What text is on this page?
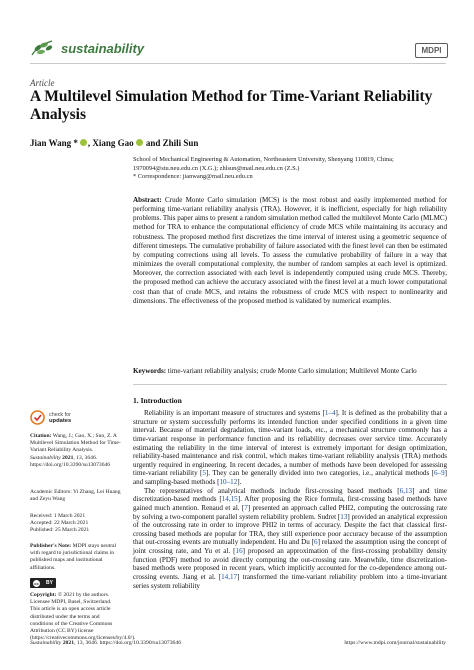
sustainability	MDPI
Article
A Multilevel Simulation Method for Time-Variant Reliability Analysis
Jian Wang * , Xiang Gao and Zhili Sun
School of Mechanical Engineering & Automation, Northeastern University, Shenyang 110819, China;
1970094@stu.neu.edu.cn (X.G.); zhlsun@mail.neu.edu.cn (Z.S.)
* Correspondence: jianwang@mail.neu.edu.cn
Abstract: Crude Monte Carlo simulation (MCS) is the most robust and easily implemented method for performing time-variant reliability analysis (TRA). However, it is inefficient, especially for high reliability problems. This paper aims to present a random simulation method called the multilevel Monte Carlo (MLMC) method for TRA to enhance the computational efficiency of crude MCS while maintaining its accuracy and robustness. The proposed method first discretizes the time interval of interest using a geometric sequence of different timesteps. The cumulative probability of failure associated with the finest level can then be estimated by computing corrections using all levels. To assess the cumulative probability of failure in a way that minimizes the overall computational complexity, the number of random samples at each level is optimized. Moreover, the correction associated with each level is independently computed using crude MCS. Thereby, the proposed method can achieve the accuracy associated with the finest level at a much lower computational cost than that of crude MCS, and retains the robustness of crude MCS with respect to nonlinearity and dimensions. The effectiveness of the proposed method is validated by numerical examples.
Keywords: time-variant reliability analysis; crude Monte Carlo simulation; Multilevel Monte Carlo
1. Introduction

Reliability is an important measure of structures and systems [1–4]. It is defined as the probability that a structure or system successfully performs its intended function under specified conditions in a given time interval. Because of material degradation, time-variant loads, etc., a mechanical structure commonly has a time-variant response in performance function and its reliability decreases over service time. Accurately estimating the reliability in the time interval of interest is extremely important for design optimization, reliability-based maintenance and risk control, which makes time-variant reliability analysis (TRA) methods urgently required in engineering. In recent decades, a number of methods have been developed for assessing time-variant reliability [5]. They can be generally divided into two categories, i.e., analytical methods [6–9] and sampling-based methods [10–12].

The representatives of analytical methods include first-crossing based methods [6,13] and time discretization-based methods [14,15]. After proposing the Rice formula, first-crossing based methods have gained much attention. Renaud et al. [7] presented an approach called PHI2, computing the outcrossing rate by solving a two-component parallel system reliability problem. Sudret [13] provided an analytical expression of the outcrossing rate in order to improve PHI2 in terms of accuracy. Despite the fact that classical first-crossing based methods are popular for TRA, they still experience poor accuracy because of the assumption that out-crossing events are mutually independent. Hu and Du [6] relaxed the assumption using the concept of joint crossing rate, and Yu et al. [16] proposed an approximation of the first-crossing probability density function (PDF) method to avoid directly computing the out-crossing rate. Meanwhile, time discretization-based methods were proposed in recent years, which implicitly accounted for the co-dependence among out-crossing events. Jiang et al. [14,17] transformed the time-variant reliability problem into a time-invariant series system reliability

check for
updates
Citation: Wang, J.; Gao, X.; Sun, Z. A Multilevel Simulation Method for Time-Variant Reliability Analysis. Sustainability 2021, 13, 3646. https://doi.org/10.3390/su13073646
Academic Editors: Yi Zhang, Lei Huang and Zeyu Wang
Received: 1 March 2021
Accepted: 22 March 2021
Published: 25 March 2021
Publisher's Note: MDPI stays neutral with regard to jurisdictional claims in published maps and institutional affiliations.
cc BY
Copyright: © 2021 by the authors. Licensee MDPI, Basel, Switzerland. This article is an open access article distributed under the terms and conditions of the Creative Commons Attribution (CC BY) license (https://creativecommons.org/licenses/by/4.0/).
Sustainability 2021, 13, 3646. https://doi.org/10.3390/su13073646	https://www.mdpi.com/journal/sustainability
